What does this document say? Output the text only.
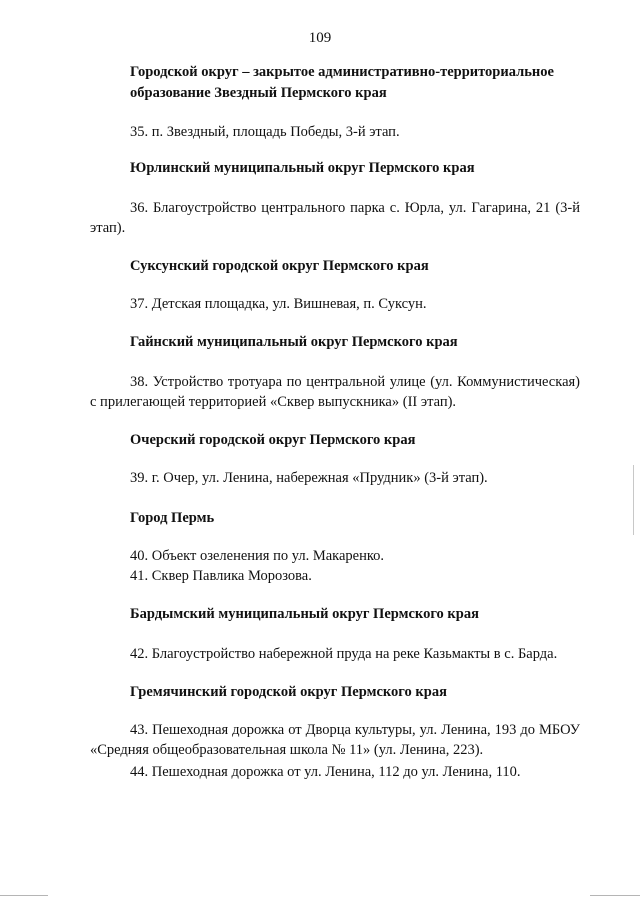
109
Городской округ – закрытое административно-территориальное образование Звездный Пермского края
35. п. Звездный, площадь Победы, 3-й этап.
Юрлинский муниципальный округ Пермского края
36. Благоустройство центрального парка с. Юрла, ул. Гагарина, 21 (3-й этап).
Суксунский городской округ Пермского края
37. Детская площадка, ул. Вишневая, п. Суксун.
Гайнский муниципальный округ Пермского края
38. Устройство тротуара по центральной улице (ул. Коммунистическая) с прилегающей территорией «Сквер выпускника» (II этап).
Очерский городской округ Пермского края
39. г. Очер, ул. Ленина, набережная «Прудник» (3-й этап).
Город Пермь
40. Объект озеленения по ул. Макаренко.
41. Сквер Павлика Морозова.
Бардымский муниципальный округ Пермского края
42. Благоустройство набережной пруда на реке Казьмакты в с. Барда.
Гремячинский городской округ Пермского края
43. Пешеходная дорожка от Дворца культуры, ул. Ленина, 193 до МБОУ «Средняя общеобразовательная школа № 11» (ул. Ленина, 223).
44. Пешеходная дорожка от ул. Ленина, 112 до ул. Ленина, 110.
